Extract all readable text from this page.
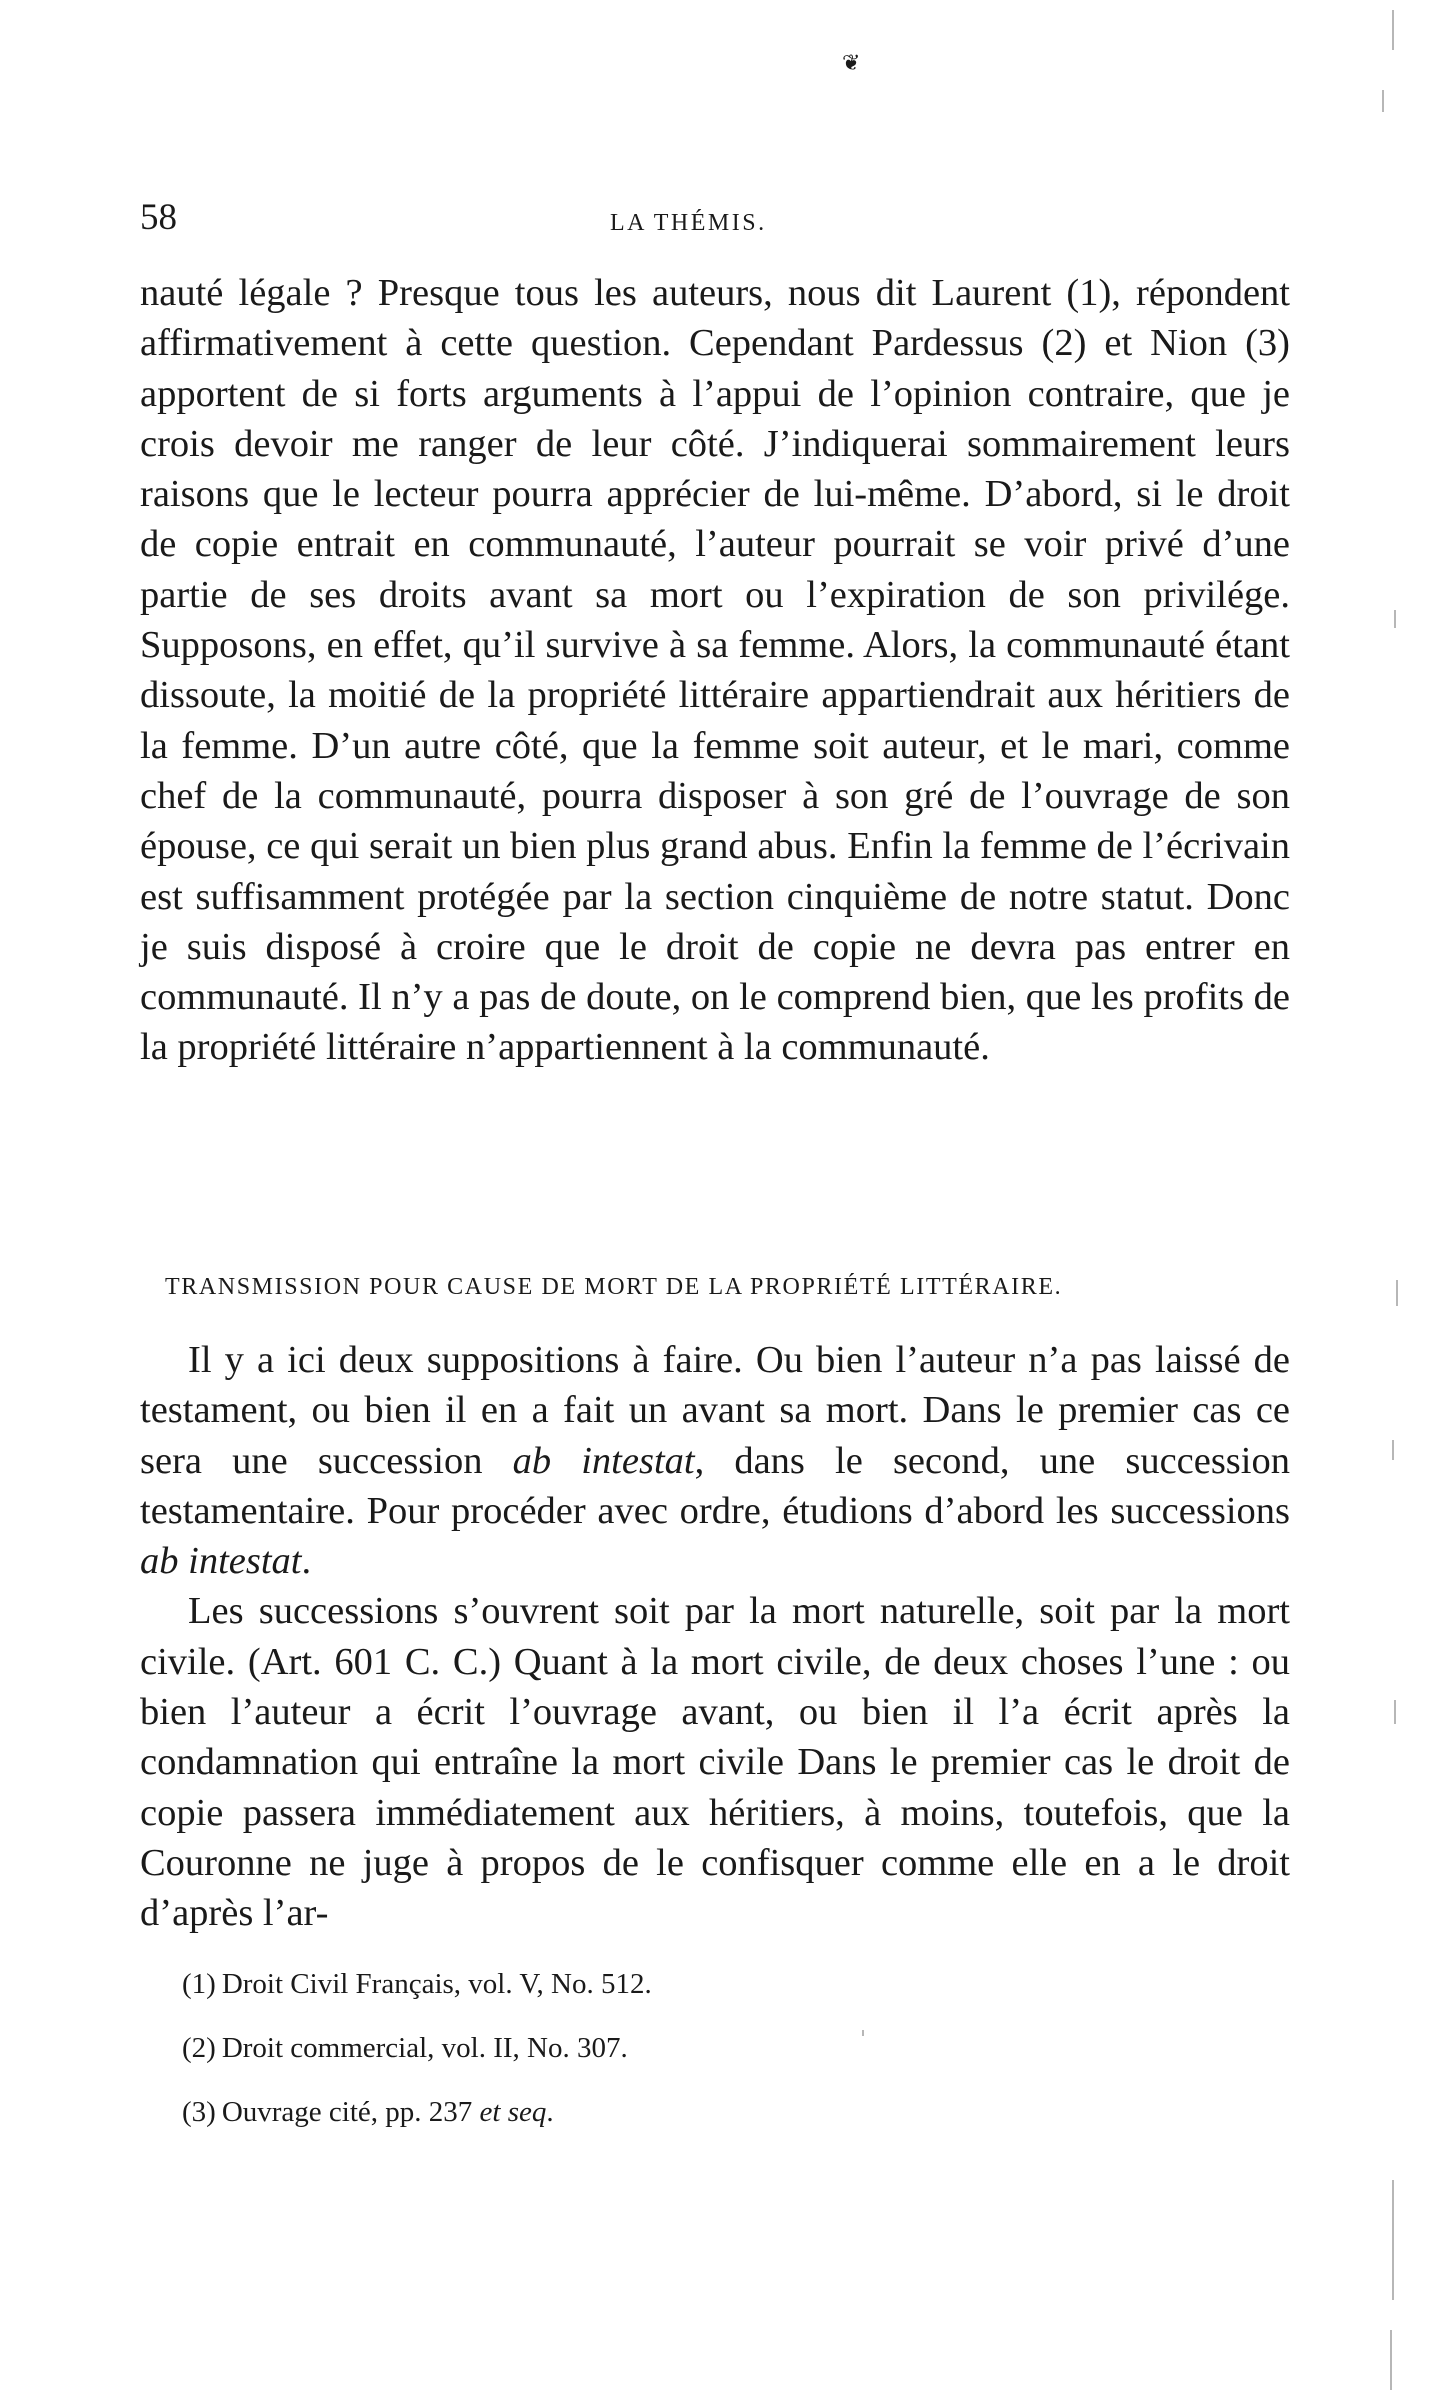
❦
58	LA THÉMIS.

nauté légale ? Presque tous les auteurs, nous dit Laurent (1), répondent affirmativement à cette question. Cependant Pardessus (2) et Nion (3) apportent de si forts arguments à l’appui de l’opinion contraire, que je crois devoir me ranger de leur côté. J’indiquerai sommairement leurs raisons que le lecteur pourra apprécier de lui-même. D’abord, si le droit de copie entrait en communauté, l’auteur pourrait se voir privé d’une partie de ses droits avant sa mort ou l’expiration de son privilége. Supposons, en effet, qu’il survive à sa femme. Alors, la communauté étant dissoute, la moitié de la propriété littéraire appartiendrait aux héritiers de la femme. D’un autre côté, que la femme soit auteur, et le mari, comme chef de la communauté, pourra disposer à son gré de l’ouvrage de son épouse, ce qui serait un bien plus grand abus. Enfin la femme de l’écrivain est suffisamment protégée par la section cinquième de notre statut. Donc je suis disposé à croire que le droit de copie ne devra pas entrer en communauté. Il n’y a pas de doute, on le comprend bien, que les profits de la propriété littéraire n’appartiennent à la communauté.

TRANSMISSION POUR CAUSE DE MORT DE LA PROPRIÉTÉ LITTÉRAIRE.

Il y a ici deux suppositions à faire. Ou bien l’auteur n’a pas laissé de testament, ou bien il en a fait un avant sa mort. Dans le premier cas ce sera une succession ab intestat, dans le second, une succession testamentaire. Pour procéder avec ordre, étudions d’abord les successions ab intestat.

Les successions s’ouvrent soit par la mort naturelle, soit par la mort civile. (Art. 601 C. C.) Quant à la mort civile, de deux choses l’une : ou bien l’auteur a écrit l’ouvrage avant, ou bien il l’a écrit après la condamnation qui entraîne la mort civile Dans le premier cas le droit de copie passera immédiatement aux héritiers, à moins, toutefois, que la Couronne ne juge à propos de le confisquer comme elle en a le droit d’après l’ar-

(1) Droit Civil Français, vol. V, No. 512.
(2) Droit commercial, vol. II, No. 307.
(3) Ouvrage cité, pp. 237 et seq.
